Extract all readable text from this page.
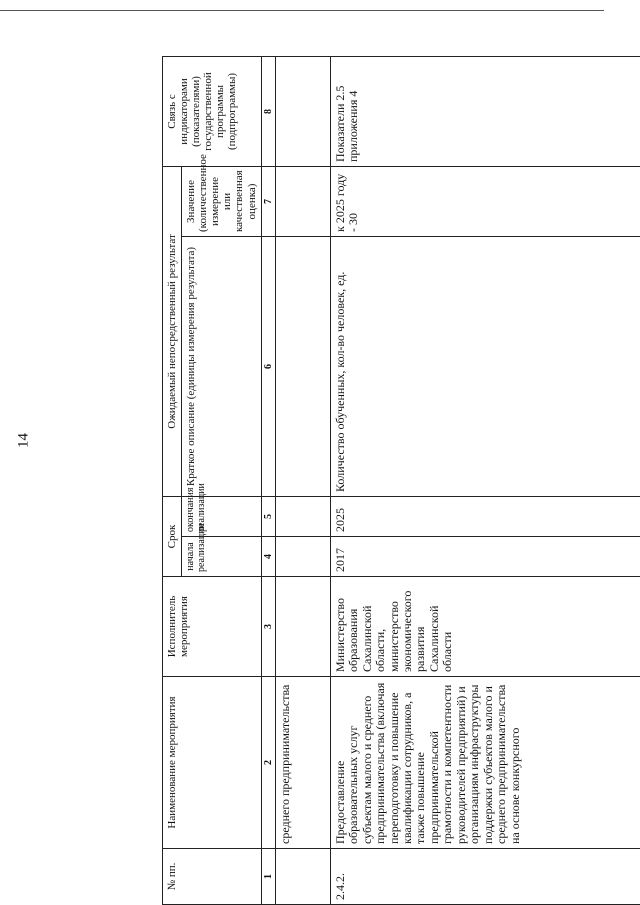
14
№ пп.	Наименование мероприятия	Исполнитель мероприятия	Срок		Ожидаемый непосредственный результат		Связь с индикаторами (показателями) государственной программы (подпрограммы)
			начала реализации	окончания реализации	Краткое описание (единицы измерения результата)	Значение (количественное измерение или качественная оценка)	
1	2	3	4	5	6	7	8
	среднего предпринимательства						
2.4.2.	Предоставление образовательных услуг субъектам малого и среднего предпринимательства (включая переподготовку и повышение квалификации сотрудников, а также повышение предпринимательской грамотности и компетентности руководителей предприятий) и организациям инфраструктуры поддержки субъектов малого и среднего предпринимательства на основе конкурсного	Министерство образования Сахалинской области, министерство экономического развития Сахалинской области	2017	2025	Количество обученных, кол-во человек, ед.	к 2025 году - 30	Показатели 2.5 приложения 4
